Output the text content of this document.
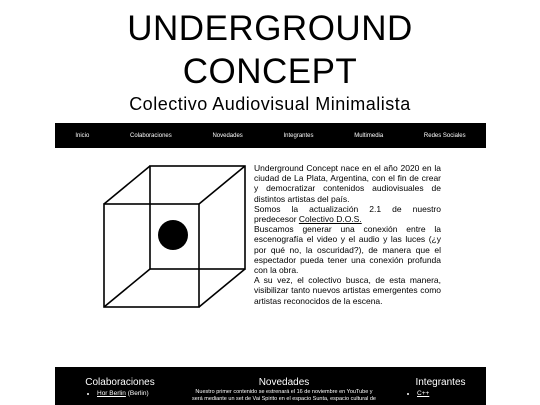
UNDERGROUND
CONCEPT
Colectivo Audiovisual Minimalista
Inicio	Colaboraciones	Novedades	Integrantes	Multimedia	Redes Sociales

Underground Concept nace en el año 2020 en la ciudad de La Plata, Argentina, con el fin de crear y democratizar contenidos audiovisuales de distintos artistas del país.

Somos la actualización 2.1 de nuestro predecesor Colectivo D.O.S.

Buscamos generar una conexión entre la escenografía el video y el audio y las luces (¿y por qué no, la oscuridad?), de manera que el espectador pueda tener una conexión profunda con la obra.

A su vez, el colectivo busca, de esta manera, visibilizar tanto nuevos artistas emergentes como artistas reconocidos de la escena.

Colaboraciones
• Hor Berlin (Berlin)
Novedades
Nuestro primer contenido se estrenará el 16 de noviembre en YouTube y
será mediante un set de Vai Spirito en el espacio Sunta, espacio cultural de
Integrantes
• C++
